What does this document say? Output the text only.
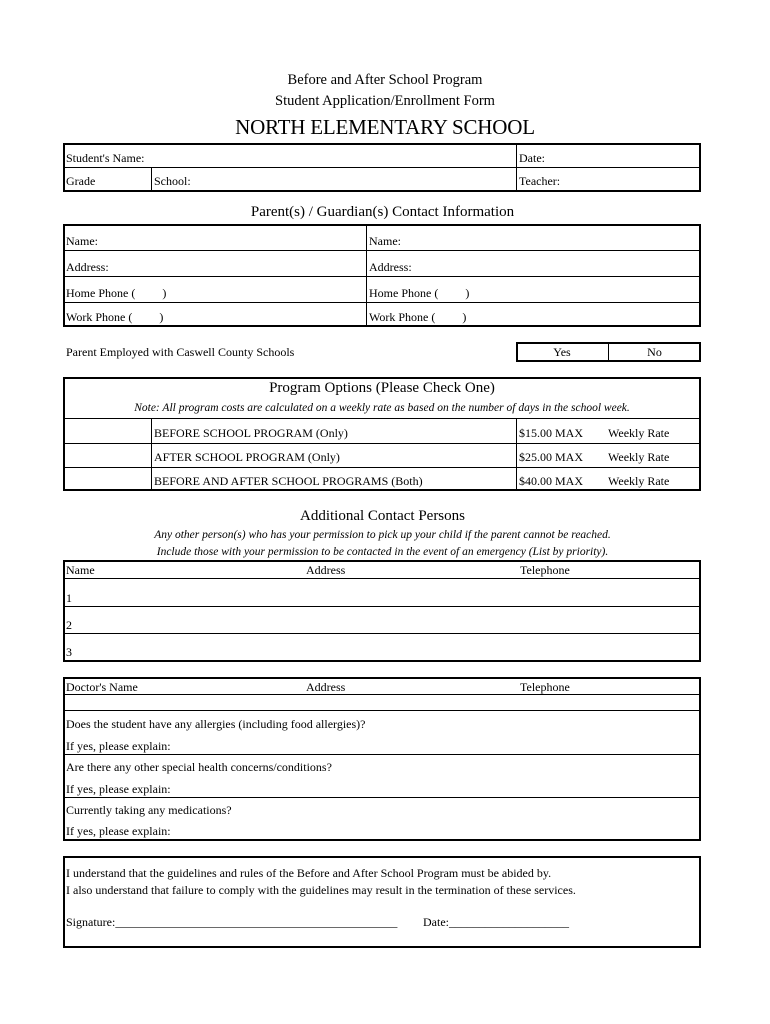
Before and After School Program
Student Application/Enrollment Form
NORTH ELEMENTARY SCHOOL
Student's Name:	Date:
Grade	School:	Teacher:
Parent(s) / Guardian(s) Contact Information
Name:	Name:
Address:	Address:
Home Phone (         )	Home Phone (         )
Work Phone (         )	Work Phone (         )
Parent Employed with Caswell County Schools	Yes	No
Program Options (Please Check One)
Note: All program costs are calculated on a weekly rate as based on the number of days in the school week.
BEFORE SCHOOL PROGRAM (Only)	$15.00 MAX Weekly Rate
AFTER SCHOOL PROGRAM (Only)	$25.00 MAX Weekly Rate
BEFORE AND AFTER SCHOOL PROGRAMS (Both)	$40.00 MAX Weekly Rate
Additional Contact Persons
Any other person(s) who has your permission to pick up your child if the parent cannot be reached.
Include those with your permission to be contacted in the event of an emergency (List by priority).
Name	Address	Telephone
1
2
3
Doctor's Name	Address	Telephone
Does the student have any allergies (including food allergies)?
If yes, please explain:
Are there any other special health concerns/conditions?
If yes, please explain:
Currently taking any medications?
If yes, please explain:
I understand that the guidelines and rules of the Before and After School Program must be abided by.
I also understand that failure to comply with the guidelines may result in the termination of these services.
Signature:_______________________________________________ Date:____________________
